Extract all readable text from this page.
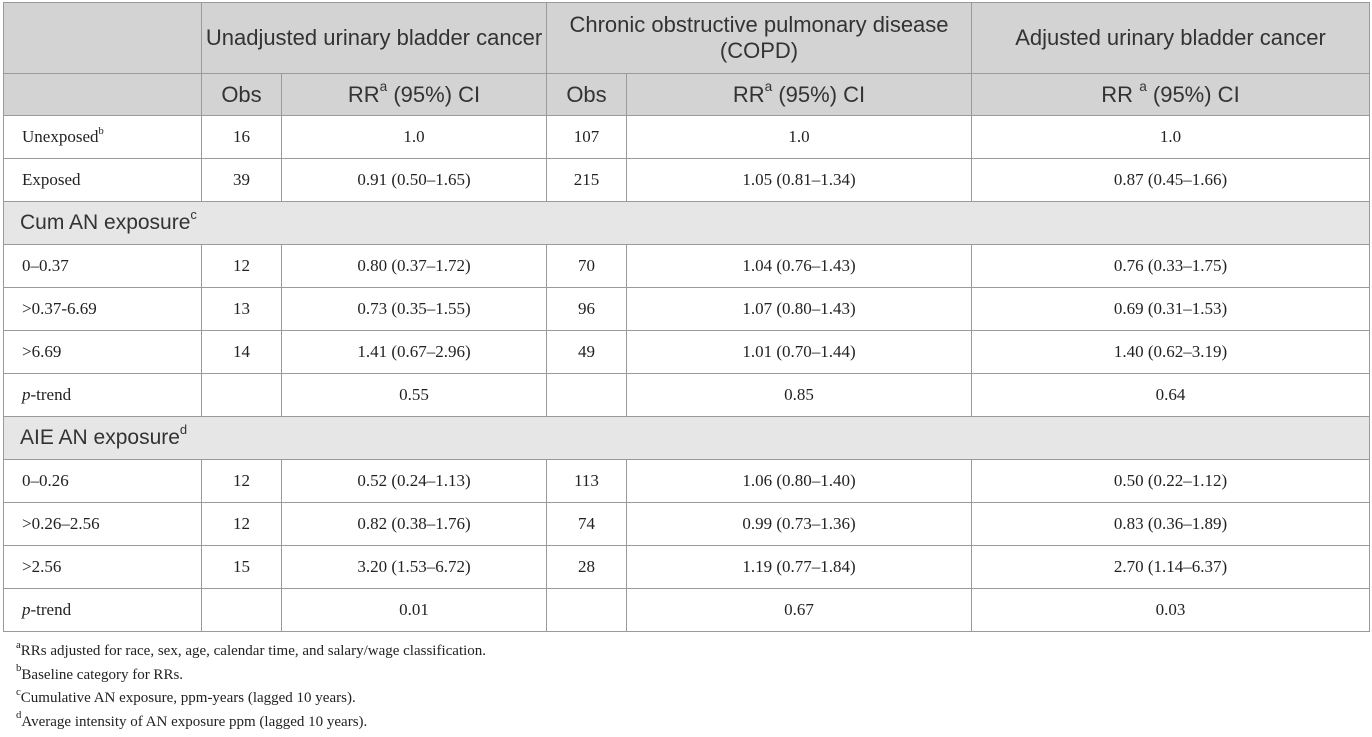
	Unadjusted urinary bladder cancer		Chronic obstructive pulmonary disease (COPD)		Adjusted urinary bladder cancer
	Obs	$RR^a$ (95%) CI	Obs	$RR^a$ (95%) CI	RR $^a$ (95%) CI
Unexposed$^b$	16	1.0	107	1.0	1.0
Exposed	39	0.91 (0.50–1.65)	215	1.05 (0.81–1.34)	0.87 (0.45–1.66)
Cum AN exposure$^c$
0–0.37	12	0.80 (0.37–1.72)	70	1.04 (0.76–1.43)	0.76 (0.33–1.75)
>0.37-6.69	13	0.73 (0.35–1.55)	96	1.07 (0.80–1.43)	0.69 (0.31–1.53)
>6.69	14	1.41 (0.67–2.96)	49	1.01 (0.70–1.44)	1.40 (0.62–3.19)
p-trend		0.55		0.85	0.64
AIE AN exposure$^d$
0–0.26	12	0.52 (0.24–1.13)	113	1.06 (0.80–1.40)	0.50 (0.22–1.12)
>0.26–2.56	12	0.82 (0.38–1.76)	74	0.99 (0.73–1.36)	0.83 (0.36–1.89)
>2.56	15	3.20 (1.53–6.72)	28	1.19 (0.77–1.84)	2.70 (1.14–6.37)
p-trend		0.01		0.67	0.03
$^a$RRs adjusted for race, sex, age, calendar time, and salary/wage classification.
$^b$Baseline category for RRs.
$^c$Cumulative AN exposure, ppm-years (lagged 10 years).
$^d$Average intensity of AN exposure ppm (lagged 10 years).
